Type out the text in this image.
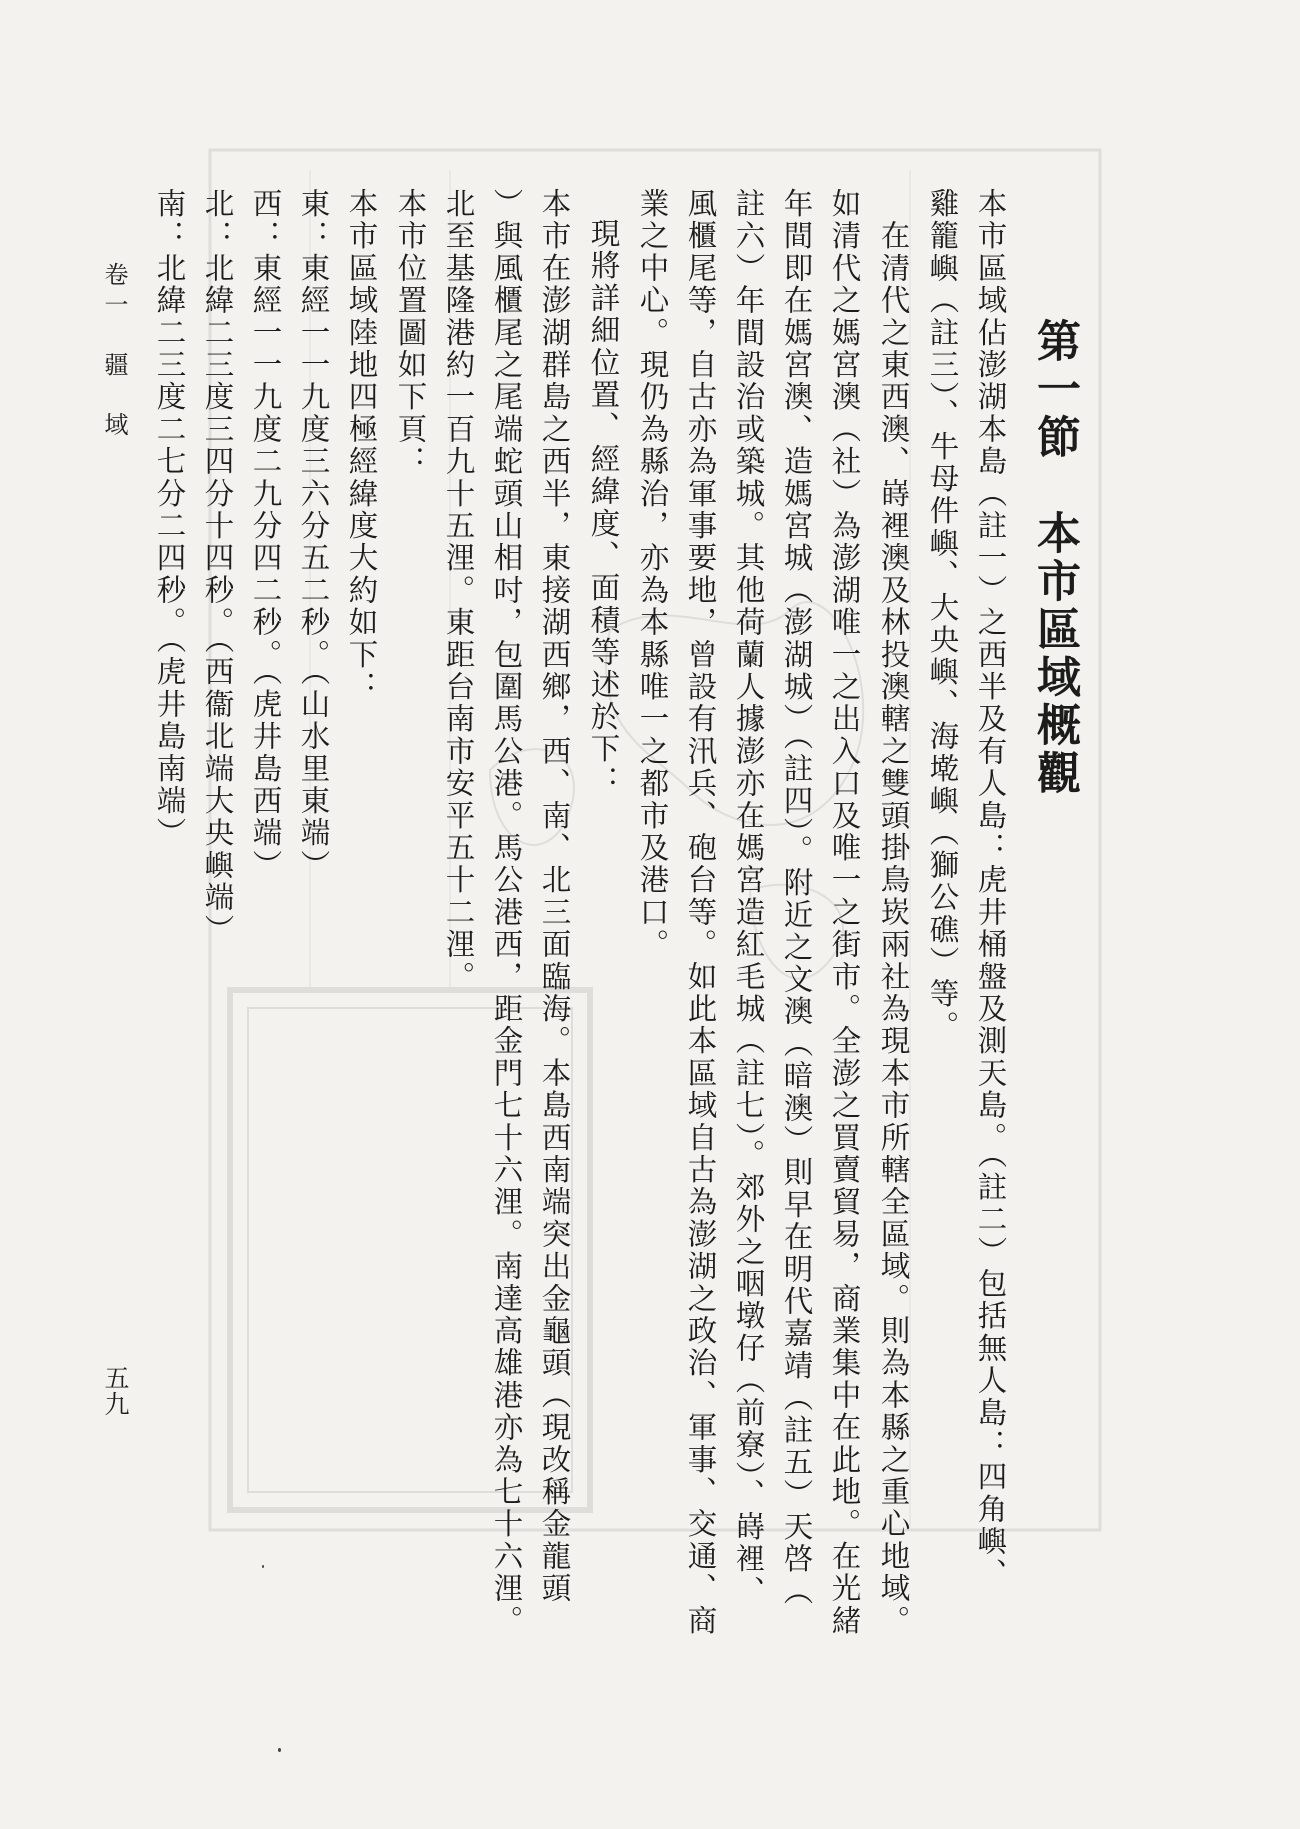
第一節　本市區域概觀
本市區域佔澎湖本島（註一）之西半及有人島：虎井桶盤及測天島。（註二）包括無人島：四角嶼、
雞籠嶼（註三）、牛母件嶼、大央嶼、海墘嶼（獅公礁）等。
　在清代之東西澳、嵵裡澳及林投澳轄之雙頭掛鳥崁兩社為現本市所轄全區域。則為本縣之重心地域。
如清代之媽宮澳（社）為澎湖唯一之出入口及唯一之街市。全澎之買賣貿易，商業集中在此地。在光緒
年間即在媽宮澳、造媽宮城（澎湖城）（註四）。附近之文澳（暗澳）則早在明代嘉靖（註五）天啓（
註六）年間設治或築城。其他荷蘭人據澎亦在媽宮造紅毛城（註七）。郊外之咽墩仔（前寮）、嵵裡、
風櫃尾等，自古亦為軍事要地，曾設有汛兵、砲台等。如此本區域自古為澎湖之政治、軍事、交通、商
業之中心。現仍為縣治，亦為本縣唯一之都市及港口。
現將詳細位置、經緯度、面積等述於下：
本市在澎湖群島之西半，東接湖西鄉，西、南、北三面臨海。本島西南端突出金龜頭（現改稱金龍頭
）與風櫃尾之尾端蛇頭山相吋，包圍馬公港。馬公港西，距金門七十六浬。南達高雄港亦為七十六浬。
北至基隆港約一百九十五浬。東距台南市安平五十二浬。
本市位置圖如下頁：
本市區域陸地四極經緯度大約如下：
東：東經一一九度三六分五二秒。（山水里東端）
西：東經一一九度二九分四二秒。（虎井島西端）
北：北緯二三度三四分十四秒。（西衞北端大央嶼端）
南：北緯二三度二七分二四秒。（虎井島南端）
卷一　疆　域
五九
